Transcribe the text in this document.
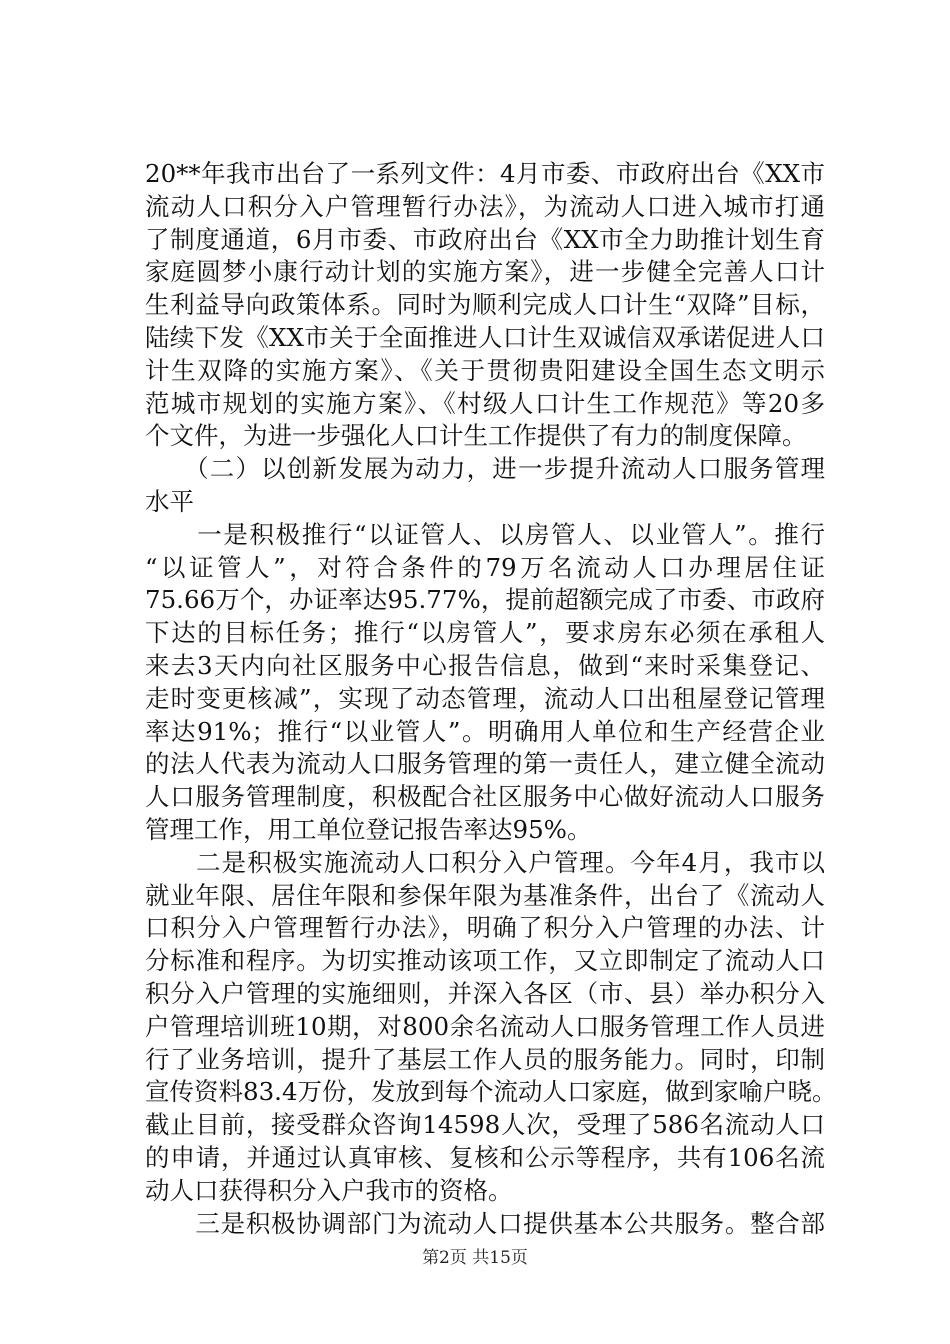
20**年我市出台了一系列文件：4月市委、市政府出台《XX市
流动人口积分入户管理暂行办法》，为流动人口进入城市打通
了制度通道，6月市委、市政府出台《XX市全力助推计划生育
家庭圆梦小康行动计划的实施方案》，进一步健全完善人口计
生利益导向政策体系。同时为顺利完成人口计生“双降”目标，
陆续下发《XX市关于全面推进人口计生双诚信双承诺促进人口
计生双降的实施方案》、《关于贯彻贵阳建设全国生态文明示
范城市规划的实施方案》、《村级人口计生工作规范》等20多
个文件，为进一步强化人口计生工作提供了有力的制度保障。
　　（二）以创新发展为动力，进一步提升流动人口服务管理
水平
　　一是积极推行“以证管人、以房管人、以业管人”。推行
“以证管人”，对符合条件的79万名流动人口办理居住证
75.66万个，办证率达95.77%，提前超额完成了市委、市政府
下达的目标任务；推行“以房管人”，要求房东必须在承租人
来去3天内向社区服务中心报告信息，做到“来时采集登记、
走时变更核减”，实现了动态管理，流动人口出租屋登记管理
率达91%；推行“以业管人”。明确用人单位和生产经营企业
的法人代表为流动人口服务管理的第一责任人，建立健全流动
人口服务管理制度，积极配合社区服务中心做好流动人口服务
管理工作，用工单位登记报告率达95%。
　　二是积极实施流动人口积分入户管理。今年4月，我市以
就业年限、居住年限和参保年限为基准条件，出台了《流动人
口积分入户管理暂行办法》，明确了积分入户管理的办法、计
分标准和程序。为切实推动该项工作，又立即制定了流动人口
积分入户管理的实施细则，并深入各区（市、县）举办积分入
户管理培训班10期，对800余名流动人口服务管理工作人员进
行了业务培训，提升了基层工作人员的服务能力。同时，印制
宣传资料83.4万份，发放到每个流动人口家庭，做到家喻户晓。
截止目前，接受群众咨询14598人次，受理了586名流动人口
的申请，并通过认真审核、复核和公示等程序，共有106名流
动人口获得积分入户我市的资格。
　　三是积极协调部门为流动人口提供基本公共服务。整合部
第2页 共15页
